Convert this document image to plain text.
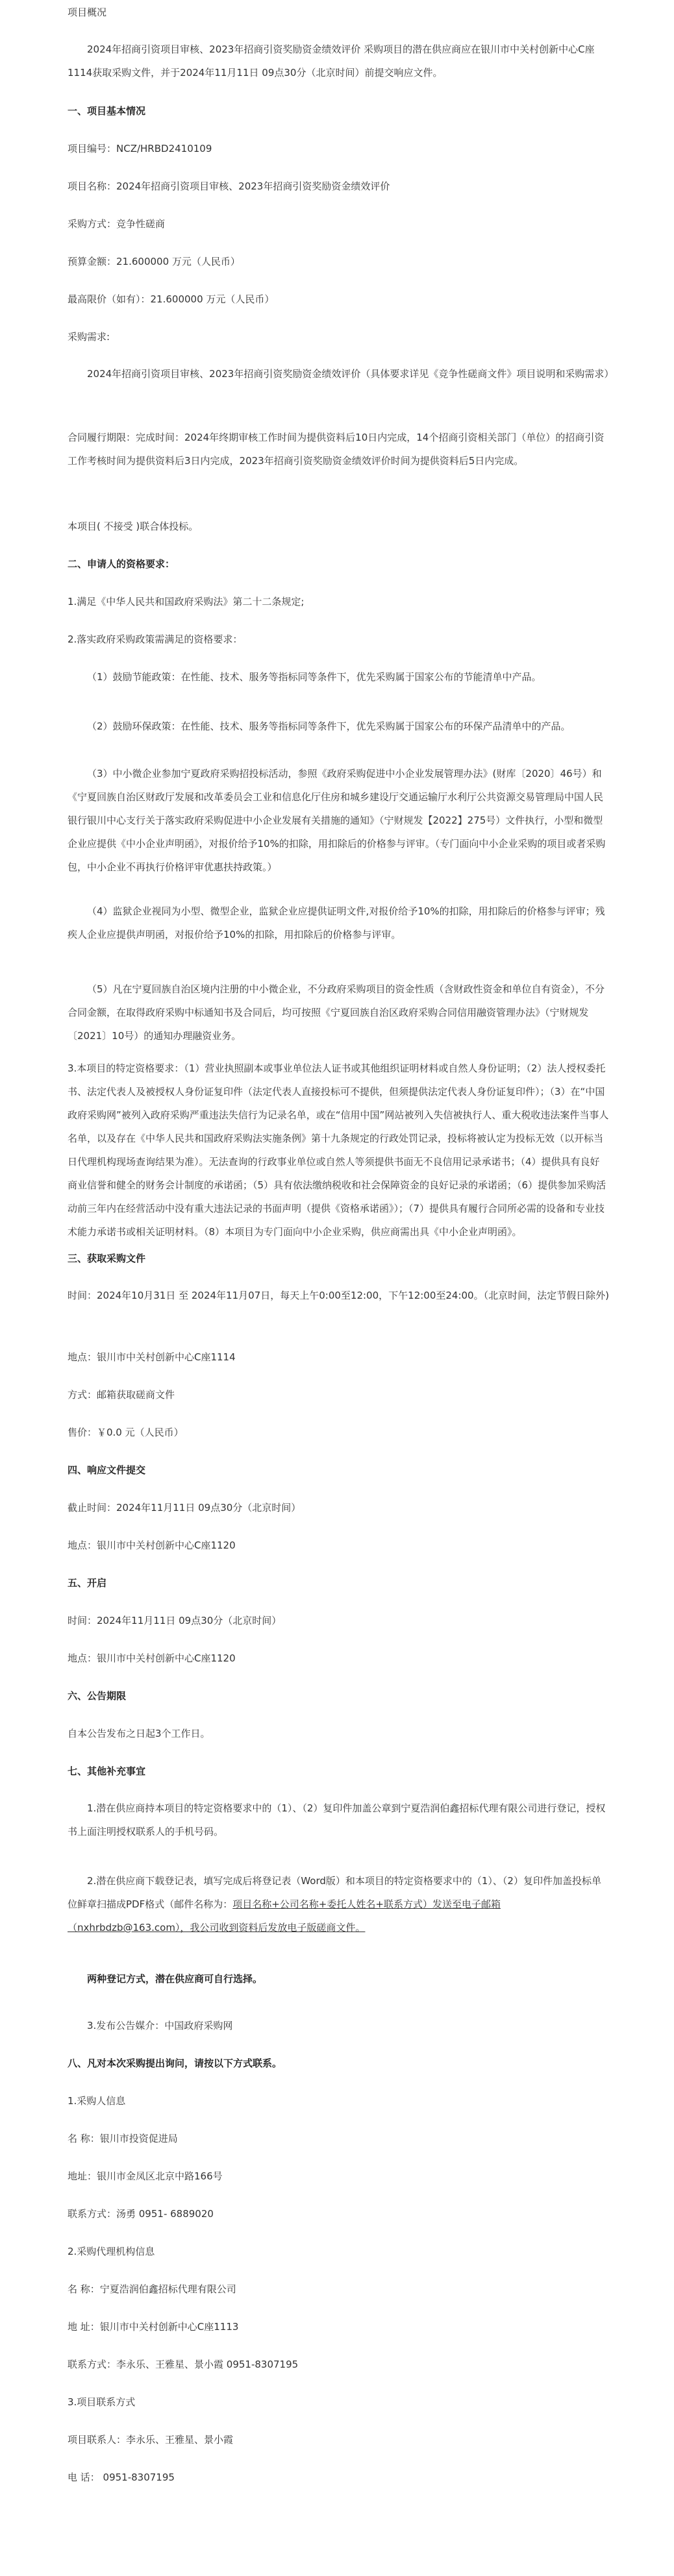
项目概况

2024年招商引资项目审核、2023年招商引资奖励资金绩效评价 采购项目的潜在供应商应在银川市中关村创新中心C座1114获取采购文件，并于2024年11月11日 09点30分（北京时间）前提交响应文件。

一、项目基本情况

项目编号：NCZ/HRBD2410109

项目名称：2024年招商引资项目审核、2023年招商引资奖励资金绩效评价

采购方式：竞争性磋商

预算金额：21.600000 万元（人民币）

最高限价（如有）：21.600000 万元（人民币）

采购需求:

2024年招商引资项目审核、2023年招商引资奖励资金绩效评价（具体要求详见《竞争性磋商文件》项目说明和采购需求）

合同履行期限：完成时间：2024年终期审核工作时间为提供资料后10日内完成，14个招商引资相关部门（单位）的招商引资工作考核时间为提供资料后3日内完成，2023年招商引资奖励资金绩效评价时间为提供资料后5日内完成。

本项目( 不接受 )联合体投标。

二、申请人的资格要求：

1.满足《中华人民共和国政府采购法》第二十二条规定;

2.落实政府采购政策需满足的资格要求：

（1）鼓励节能政策：在性能、技术、服务等指标同等条件下，优先采购属于国家公布的节能清单中产品。

（2）鼓励环保政策：在性能、技术、服务等指标同等条件下，优先采购属于国家公布的环保产品清单中的产品。

（3）中小微企业参加宁夏政府采购招投标活动，参照《政府采购促进中小企业发展管理办法》(财库〔2020〕46号）和《宁夏回族自治区财政厅发展和改革委员会工业和信息化厅住房和城乡建设厅交通运输厅水利厅公共资源交易管理局中国人民银行银川中心支行关于落实政府采购促进中小企业发展有关措施的通知》（宁财规发【2022】275号）文件执行，小型和微型企业应提供《中小企业声明函》，对报价给予10%的扣除，用扣除后的价格参与评审。（专门面向中小企业采购的项目或者采购包，中小企业不再执行价格评审优惠扶持政策。）

（4）监狱企业视同为小型、微型企业，监狱企业应提供证明文件,对报价给予10%的扣除，用扣除后的价格参与评审；残疾人企业应提供声明函，对报价给予10%的扣除，用扣除后的价格参与评审。

（5）凡在宁夏回族自治区境内注册的中小微企业，不分政府采购项目的资金性质（含财政性资金和单位自有资金），不分合同金额，在取得政府采购中标通知书及合同后，均可按照《宁夏回族自治区政府采购合同信用融资管理办法》（宁财规发〔2021〕10号）的通知办理融资业务。

3.本项目的特定资格要求：（1）营业执照副本或事业单位法人证书或其他组织证明材料或自然人身份证明；（2）法人授权委托书、法定代表人及被授权人身份证复印件（法定代表人直接投标可不提供，但须提供法定代表人身份证复印件）；（3）在“中国政府采购网”被列入政府采购严重违法失信行为记录名单，或在“信用中国”网站被列入失信被执行人、重大税收违法案件当事人名单，以及存在《中华人民共和国政府采购法实施条例》第十九条规定的行政处罚记录，投标将被认定为投标无效（以开标当日代理机构现场查询结果为准）。无法查询的行政事业单位或自然人等须提供书面无不良信用记录承诺书；（4）提供具有良好商业信誉和健全的财务会计制度的承诺函；（5）具有依法缴纳税收和社会保障资金的良好记录的承诺函；（6）提供参加采购活动前三年内在经营活动中没有重大违法记录的书面声明（提供《资格承诺函》）；（7）提供具有履行合同所必需的设备和专业技术能力承诺书或相关证明材料。（8）本项目为专门面向中小企业采购，供应商需出具《中小企业声明函》。

三、获取采购文件

时间：2024年10月31日 至 2024年11月07日，每天上午0:00至12:00，下午12:00至24:00。（北京时间，法定节假日除外)

地点：银川市中关村创新中心C座1114

方式：邮箱获取磋商文件

售价：￥0.0 元（人民币）

四、响应文件提交

截止时间：2024年11月11日 09点30分（北京时间）

地点：银川市中关村创新中心C座1120

五、开启

时间：2024年11月11日 09点30分（北京时间）

地点：银川市中关村创新中心C座1120

六、公告期限

自本公告发布之日起3个工作日。

七、其他补充事宜

1.潜在供应商持本项目的特定资格要求中的（1）、（2）复印件加盖公章到宁夏浩润伯鑫招标代理有限公司进行登记，授权书上面注明授权联系人的手机号码。

2.潜在供应商下载登记表，填写完成后将登记表（Word版）和本项目的特定资格要求中的（1）、（2）复印件加盖投标单位鲜章扫描成PDF格式（邮件名称为：项目名称+公司名称+委托人姓名+联系方式）发送至电子邮箱（nxhrbdzb@163.com），我公司收到资料后发放电子版磋商文件。

两种登记方式，潜在供应商可自行选择。

3.发布公告媒介：中国政府采购网

八、凡对本次采购提出询问，请按以下方式联系。

1.采购人信息

名 称：银川市投资促进局

地址：银川市金凤区北京中路166号

联系方式：汤勇 0951- 6889020

2.采购代理机构信息

名 称：宁夏浩润伯鑫招标代理有限公司

地 址：银川市中关村创新中心C座1113

联系方式：李永乐、王雅星、景小霞 0951-8307195

3.项目联系方式

项目联系人：李永乐、王雅星、景小霞

电 话： 0951-8307195
